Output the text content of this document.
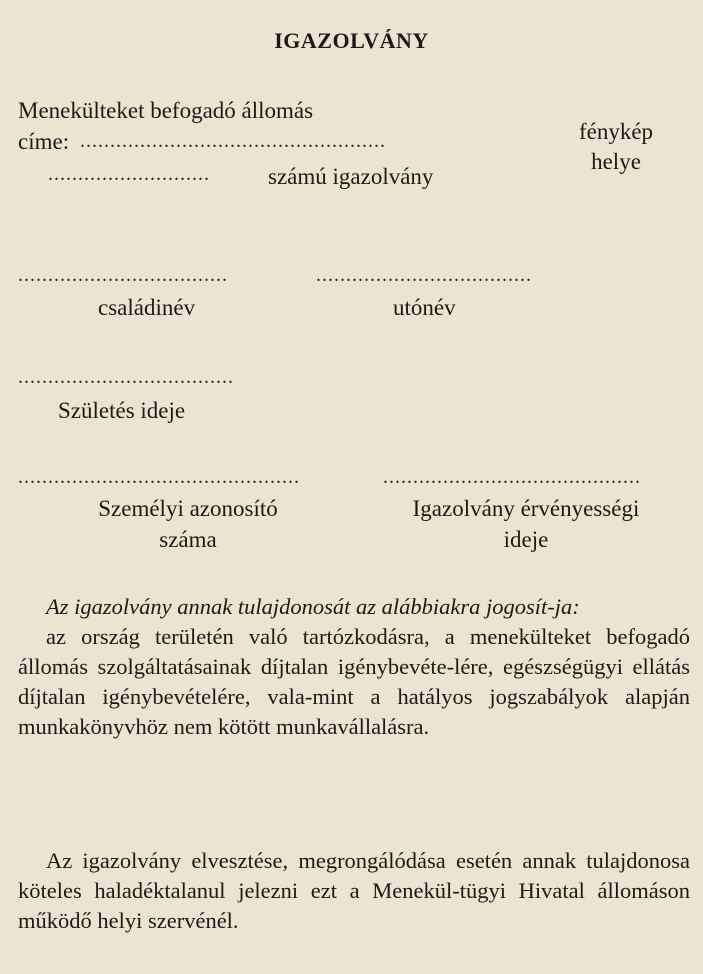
IGAZOLVÁNY
Menekülteket befogadó állomás
címe: ...................................................
...........................	számú igazolvány
fénykép
helye
...................................	....................................
családinév	utónév
....................................
Születés ideje
...............................................	...........................................
Személyi azonosító
száma
Igazolvány érvényességi
ideje

Az igazolvány annak tulajdonosát az alábbiakra jogosít-ja:

az ország területén való tartózkodásra, a menekülteket befogadó állomás szolgáltatásainak díjtalan igénybevéte-lére, egészségügyi ellátás díjtalan igénybevételére, vala-mint a hatályos jogszabályok alapján munkakönyvhöz nem kötött munkavállalásra.

Az igazolvány elvesztése, megrongálódása esetén annak tulajdonosa köteles haladéktalanul jelezni ezt a Menekül-tügyi Hivatal állomáson működő helyi szervénél.
